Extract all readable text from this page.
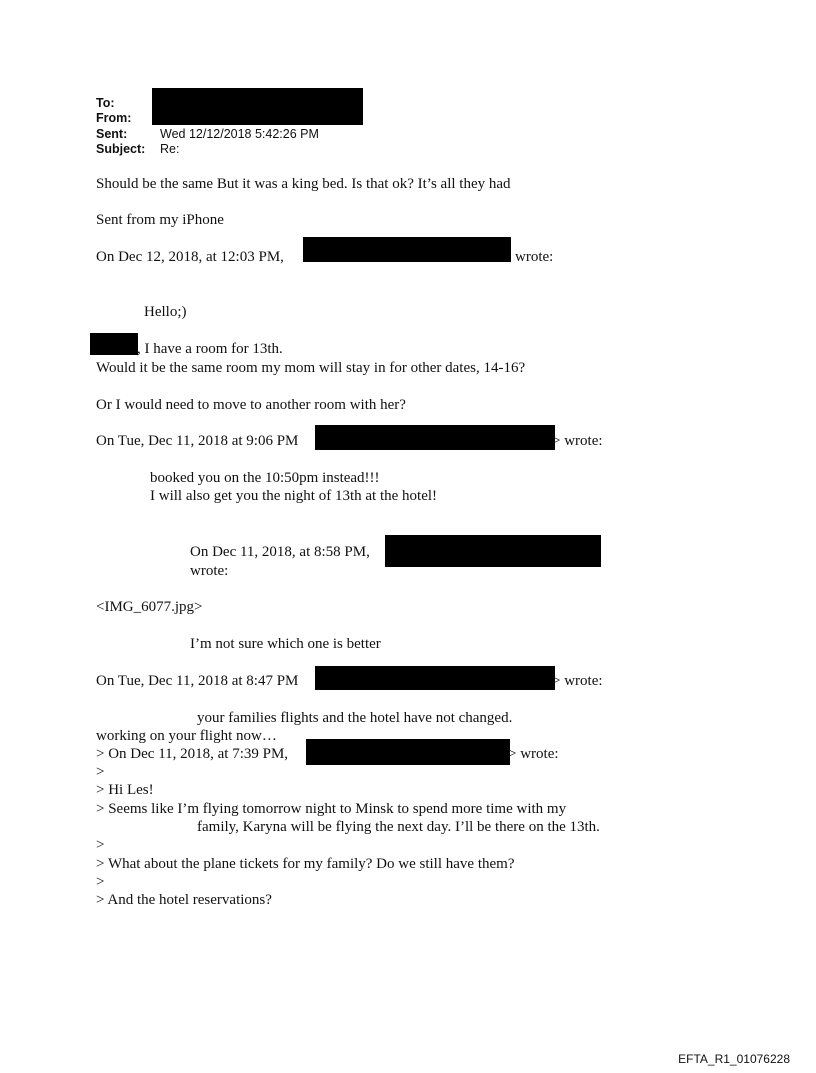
To:
From:
Sent:	Wed 12/12/2018 5:42:26 PM
Subject: Re:
Should be the same But it was a king bed. Is that ok? It’s all they had
Sent from my iPhone
On Dec 12, 2018, at 12:03 PM,	wrote:
Hello;)
, I have a room for 13th.
Would it be the same room my mom will stay in for other dates, 14-16?
Or I would need to move to another room with her?
On Tue, Dec 11, 2018 at 9:06 PM	> wrote:
booked you on the 10:50pm instead!!!
I will also get you the night of 13th at the hotel!
On Dec 11, 2018, at 8:58 PM,
wrote:
<IMG_6077.jpg>
I’m not sure which one is better
On Tue, Dec 11, 2018 at 8:47 PM	> wrote:
your families flights and the hotel have not changed.
working on your flight now…
> On Dec 11, 2018, at 7:39 PM,	> wrote:
>
> Hi Les!
> Seems like I’m flying tomorrow night to Minsk to spend more time with my
family, Karyna will be flying the next day. I’ll be there on the 13th.
>
> What about the plane tickets for my family? Do we still have them?
>
> And the hotel reservations?
EFTA_R1_01076228
